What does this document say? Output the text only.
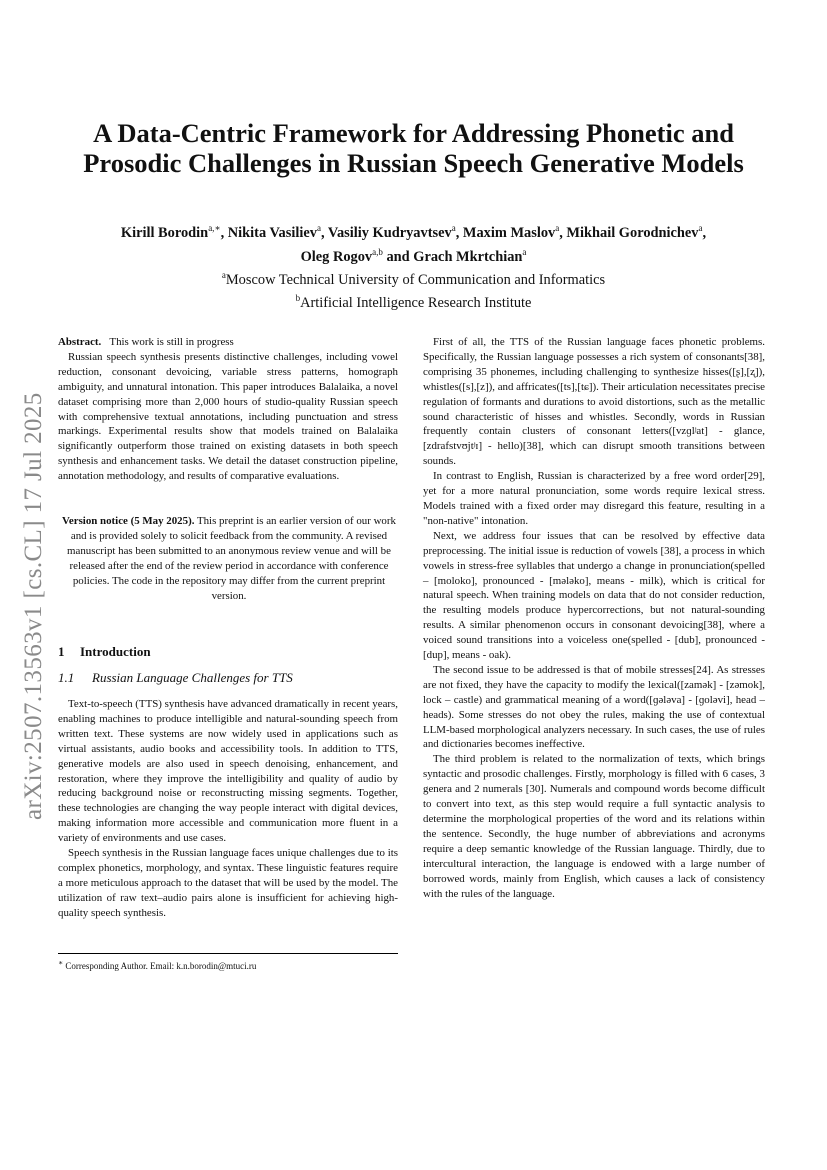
arXiv:2507.13563v1 [cs.CL] 17 Jul 2025
A Data-Centric Framework for Addressing Phonetic and Prosodic Challenges in Russian Speech Generative Models
Kirill Borodin$^{a,∗}$, Nikita Vasiliev$^a$, Vasiliy Kudryavtsev$^a$, Maxim Maslov$^a$, Mikhail Gorodnichev$^a$,
Oleg Rogov$^{a,b}$ and Grach Mkrtchian$^a$
$^a$Moscow Technical University of Communication and Informatics
$^b$Artificial Intelligence Research Institute

Abstract. This work is still in progress

Russian speech synthesis presents distinctive challenges, including vowel reduction, consonant devoicing, variable stress patterns, homograph ambiguity, and unnatural intonation. This paper introduces Balalaika, a novel dataset comprising more than 2,000 hours of studio-quality Russian speech with comprehensive textual annotations, including punctuation and stress markings. Experimental results show that models trained on Balalaika significantly outperform those trained on existing datasets in both speech synthesis and enhancement tasks. We detail the dataset construction pipeline, annotation methodology, and results of comparative evaluations.

Version notice (5 May 2025). This preprint is an earlier version of our work and is provided solely to solicit feedback from the community. A revised manuscript has been submitted to an anonymous review venue and will be released after the end of the review period in accordance with conference policies. The code in the repository may differ from the current preprint version.
1 Introduction
1.1 Russian Language Challenges for TTS

Text-to-speech (TTS) synthesis have advanced dramatically in recent years, enabling machines to produce intelligible and natural-sounding speech from written text. These systems are now widely used in applications such as virtual assistants, audio books and accessibility tools. In addition to TTS, generative models are also used in speech denoising, enhancement, and restoration, where they improve the intelligibility and quality of audio by reducing background noise or reconstructing missing segments. Together, these technologies are changing the way people interact with digital devices, making information more accessible and communication more fluent in a variety of environments and use cases.

Speech synthesis in the Russian language faces unique challenges due to its complex phonetics, morphology, and syntax. These linguistic features require a more meticulous approach to the dataset that will be used by the model. The utilization of raw text–audio pairs alone is insufficient for achieving high-quality speech synthesis.

∗ Corresponding Author. Email: k.n.borodin@mtuci.ru

First of all, the TTS of the Russian language faces phonetic problems. Specifically, the Russian language possesses a rich system of consonants[38], comprising 35 phonemes, including challenging to synthesize hisses([ʂ],[ʐ]), whistles([s],[z]), and affricates([ts],[tɕ]). Their articulation necessitates precise regulation of formants and durations to avoid distortions, such as the metallic sound characteristic of hisses and whistles. Secondly, words in Russian frequently contain clusters of consonant letters([vzɡlʲat] - glance, [zdrafstvʊjtʲɪ] - hello)[38], which can disrupt smooth transitions between sounds.

In contrast to English, Russian is characterized by a free word order[29], yet for a more natural pronunciation, some words require lexical stress. Models trained with a fixed order may disregard this feature, resulting in a "non-native" intonation.

Next, we address four issues that can be resolved by effective data preprocessing. The initial issue is reduction of vowels [38], a process in which vowels in stress-free syllables that undergo a change in pronunciation(spelled – [moloko], pronounced - [mələko], means - milk), which is critical for natural speech. When training models on data that do not consider reduction, the resulting models produce hypercorrections, but not natural-sounding results. A similar phenomenon occurs in consonant devoicing[38], where a voiced sound transitions into a voiceless one(spelled - [dub], pronounced - [dup], means - oak).

The second issue to be addressed is that of mobile stresses[24]. As stresses are not fixed, they have the capacity to modify the lexical([zamək] - [zəmok], lock – castle) and grammatical meaning of a word([ɡələva] - [ɡoləvi], head – heads). Some stresses do not obey the rules, making the use of contextual LLM-based morphological analyzers necessary. In such cases, the use of rules and dictionaries becomes ineffective.

The third problem is related to the normalization of texts, which brings syntactic and prosodic challenges. Firstly, morphology is filled with 6 cases, 3 genera and 2 numerals [30]. Numerals and compound words become difficult to convert into text, as this step would require a full syntactic analysis to determine the morphological properties of the word and its relations within the sentence. Secondly, the huge number of abbreviations and acronyms require a deep semantic knowledge of the Russian language. Thirdly, due to intercultural interaction, the language is endowed with a large number of borrowed words, mainly from English, which causes a lack of consistency with the rules of the language.
